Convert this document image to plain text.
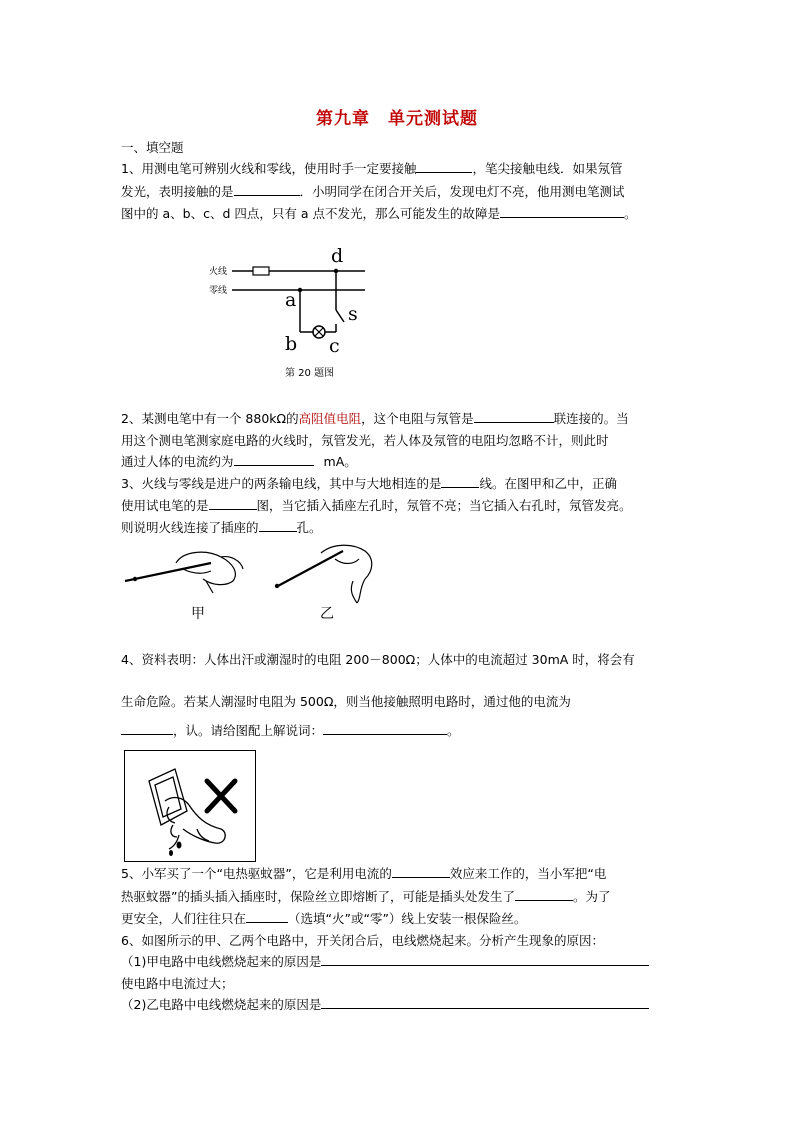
第九章　单元测试题
一、填空题
1、用测电笔可辨别火线和零线，使用时手一定要接触	，笔尖接触电线．如果氖管
发光，表明接触的是	．小明同学在闭合开关后，发现电灯不亮，他用测电笔测试
图中的 a、b、c、d 四点，只有 a 点不发光，那么可能发生的故障是	。
火线
零线
d
a
b c
s
第 20 题图
2、某测电笔中有一个 880kΩ的高阻值电阻，这个电阻与氖管是	联连接的。当
用这个测电笔测家庭电路的火线时，氖管发光，若人体及氖管的电阻均忽略不计，则此时
通过人体的电流约为	mA。
3、火线与零线是进户的两条输电线，其中与大地相连的是	线。在图甲和乙中，正确
使用试电笔的是	图，当它插入插座左孔时，氖管不亮；当它插入右孔时，氖管发亮。
则说明火线连接了插座的	孔。
甲	乙
4、资料表明：人体出汗或潮湿时的电阻 200－800Ω；人体中的电流超过 30mA 时，将会有
生命危险。若某人潮湿时电阻为 500Ω，则当他接触照明电路时，通过他的电流为
，认。请给图配上解说词：	。
5、小军买了一个“电热驱蚊器”，它是利用电流的	效应来工作的，当小军把“电
热驱蚊器”的插头插入插座时，保险丝立即熔断了，可能是插头处发生了	。为了
更安全，人们往往只在	（选填“火”或“零”）线上安装一根保险丝。
6、如图所示的甲、乙两个电路中，开关闭合后，电线燃烧起来。分析产生现象的原因：
（1)甲电路中电线燃烧起来的原因是
使电路中电流过大；
（2)乙电路中电线燃烧起来的原因是
